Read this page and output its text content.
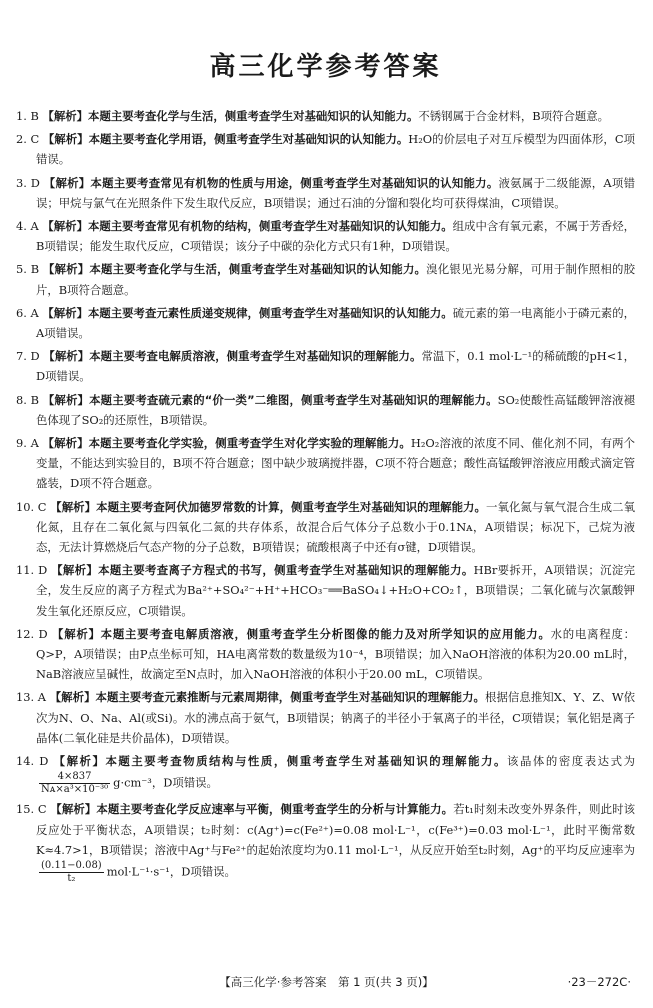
高三化学参考答案
1. B 【解析】本题主要考查化学与生活，侧重考查学生对基础知识的认知能力。不锈钢属于合金材料，B项符合题意。
2. C 【解析】本题主要考查化学用语，侧重考查学生对基础知识的认知能力。H₂O的价层电子对互斥模型为四面体形，C项错误。
3. D 【解析】本题主要考查常见有机物的性质与用途，侧重考查学生对基础知识的认知能力。液氨属于二级能源，A项错误；甲烷与氯气在光照条件下发生取代反应，B项错误；通过石油的分馏和裂化均可获得煤油，C项错误。
4. A 【解析】本题主要考查常见有机物的结构，侧重考查学生对基础知识的认知能力。组成中含有氧元素，不属于芳香烃，B项错误；能发生取代反应，C项错误；该分子中碳的杂化方式只有1种，D项错误。
5. B 【解析】本题主要考查化学与生活，侧重考查学生对基础知识的认知能力。溴化银见光易分解，可用于制作照相的胶片，B项符合题意。
6. A 【解析】本题主要考查元素性质递变规律，侧重考查学生对基础知识的认知能力。硫元素的第一电离能小于磷元素的，A项错误。
7. D 【解析】本题主要考查电解质溶液，侧重考查学生对基础知识的理解能力。常温下，0.1 mol·L⁻¹的稀硫酸的pH<1，D项错误。
8. B 【解析】本题主要考查硫元素的“价一类”二维图，侧重考查学生对基础知识的理解能力。SO₂使酸性高锰酸钾溶液褪色体现了SO₂的还原性，B项错误。
9. A 【解析】本题主要考查化学实验，侧重考查学生对化学实验的理解能力。H₂O₂溶液的浓度不同、催化剂不同，有两个变量，不能达到实验目的，B项不符合题意；图中缺少玻璃搅拌器，C项不符合题意；酸性高锰酸钾溶液应用酸式滴定管盛装，D项不符合题意。
10. C 【解析】本题主要考查阿伏加德罗常数的计算，侧重考查学生对基础知识的理解能力。一氧化氮与氧气混合生成二氧化氮，且存在二氧化氮与四氧化二氮的共存体系，故混合后气体分子总数小于0.1Nᴀ，A项错误；标况下，己烷为液态，无法计算燃烧后气态产物的分子总数，B项错误；硫酸根离子中还有σ键，D项错误。
11. D 【解析】本题主要考查离子方程式的书写，侧重考查学生对基础知识的理解能力。HBr要拆开，A项错误；沉淀完全，发生反应的离子方程式为Ba²⁺+SO₄²⁻+H⁺+HCO₃⁻══BaSO₄↓+H₂O+CO₂↑，B项错误；二氧化硫与次氯酸钾发生氧化还原反应，C项错误。
12. D 【解析】本题主要考查电解质溶液，侧重考查学生分析图像的能力及对所学知识的应用能力。水的电离程度：Q>P，A项错误；由P点坐标可知，HA电离常数的数量级为10⁻⁴，B项错误；加入NaOH溶液的体积为20.00 mL时，NaB溶液应呈碱性，故滴定至N点时，加入NaOH溶液的体积小于20.00 mL，C项错误。
13. A 【解析】本题主要考查元素推断与元素周期律，侧重考查学生对基础知识的理解能力。根据信息推知X、Y、Z、W依次为N、O、Na、Al(或Si)。水的沸点高于氨气，B项错误；钠离子的半径小于氧离子的半径，C项错误；氧化铝是离子晶体(二氧化硅是共价晶体)，D项错误。
14. D 【解析】本题主要考查物质结构与性质，侧重考查学生对基础知识的理解能力。该晶体的密度表达式为
$\frac{4\times 837}{\text{Nᴀ×a³×10⁻³⁰}} g\cdot cm^{-3}$，D项错误。
15. C 【解析】本题主要考查化学反应速率与平衡，侧重考查学生的分析与计算能力。若t₁时刻未改变外界条件，则此时该反应处于平衡状态，A项错误；t₂时刻：c(Ag⁺)=c(Fe²⁺)=0.08 mol·L⁻¹，c(Fe³⁺)=0.03 mol·L⁻¹，此时平衡常数K≈4.7>1，B项错误；溶液中Ag⁺与Fe²⁺的起始浓度均为0.11 mol·L⁻¹，从反应开始至t₂时刻，Ag⁺的平均反应速率为
$\frac{(0.11-0.08)}{\text{t₂}} mol\cdot L^{-1}\cdot s^{-1}$，D项错误。
【高三化学·参考答案　第 1 页(共 3 页)】	·23－272C·
